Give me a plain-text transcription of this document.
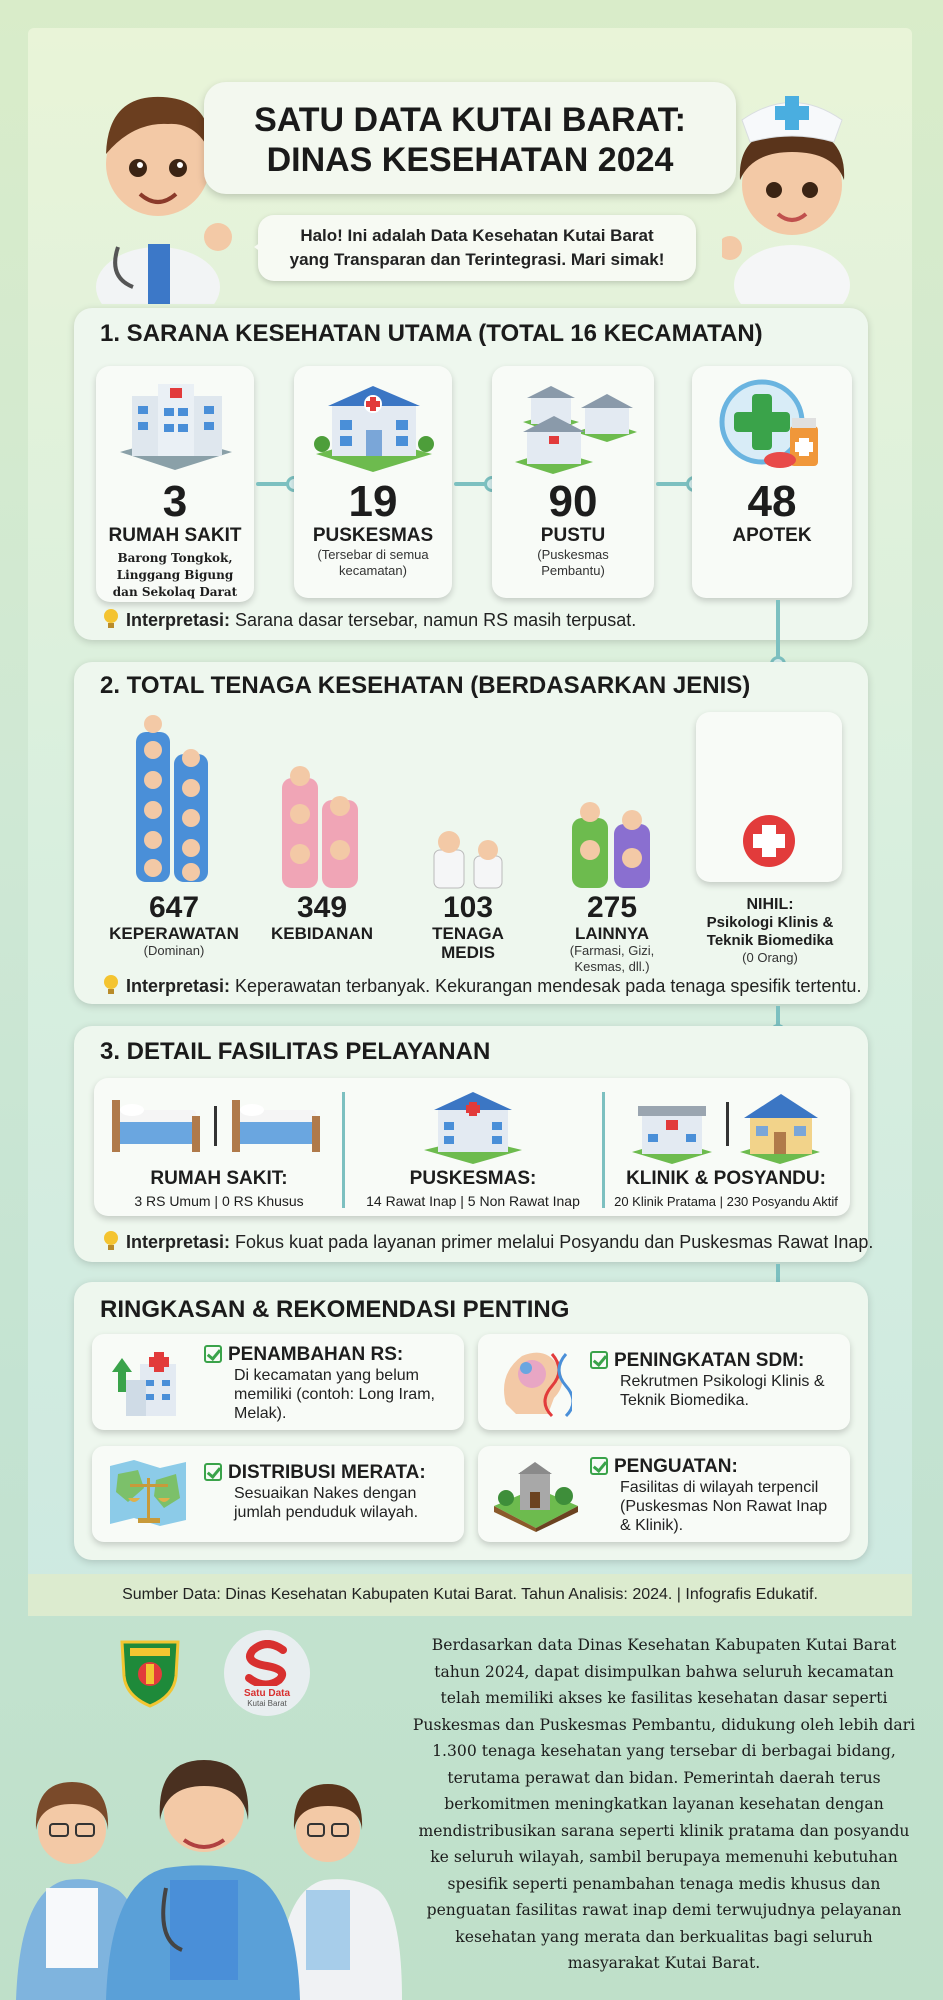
SATU DATA KUTAI BARAT:
DINAS KESEHATAN 2024
Halo! Ini adalah Data Kesehatan Kutai Barat
yang Transparan dan Terintegrasi. Mari simak!
1. SARANA KESEHATAN UTAMA (TOTAL 16 KECAMATAN)
3
RUMAH SAKIT
Barong Tongkok,
Linggang Bigung
dan Sekolaq Darat
19
PUSKESMAS
(Tersebar di semua
kecamatan)
90
PUSTU
(Puskesmas
Pembantu)
48
APOTEK
Interpretasi: Sarana dasar tersebar, namun RS masih terpusat.
2. TOTAL TENAGA KESEHATAN (BERDASARKAN JENIS)
647
KEPERAWATAN
(Dominan)
349
KEBIDANAN
103
TENAGA
MEDIS
275
LAINNYA
(Farmasi, Gizi,
Kesmas, dll.)
NIHIL:
Psikologi Klinis &
Teknik Biomedika
(0 Orang)
Interpretasi: Keperawatan terbanyak. Kekurangan mendesak pada tenaga spesifik tertentu.
3. DETAIL FASILITAS PELAYANAN
RUMAH SAKIT:
3 RS Umum | 0 RS Khusus
PUSKESMAS:
14 Rawat Inap | 5 Non Rawat Inap
KLINIK & POSYANDU:
20 Klinik Pratama | 230 Posyandu Aktif
Interpretasi: Fokus kuat pada layanan primer melalui Posyandu dan Puskesmas Rawat Inap.
RINGKASAN & REKOMENDASI PENTING
PENAMBAHAN RS:
Di kecamatan yang belum
memiliki (contoh: Long Iram,
Melak).
PENINGKATAN SDM:
Rekrutmen Psikologi Klinis &
Teknik Biomedika.
DISTRIBUSI MERATA:
Sesuaikan Nakes dengan
jumlah penduduk wilayah.
PENGUATAN:
Fasilitas di wilayah terpencil
(Puskesmas Non Rawat Inap
& Klinik).
Sumber Data: Dinas Kesehatan Kabupaten Kutai Barat. Tahun Analisis: 2024. | Infografis Edukatif.
Satu Data
Kutai Barat
Berdasarkan data Dinas Kesehatan Kabupaten Kutai Barat tahun 2024, dapat disimpulkan bahwa seluruh kecamatan telah memiliki akses ke fasilitas kesehatan dasar seperti Puskesmas dan Puskesmas Pembantu, didukung oleh lebih dari 1.300 tenaga kesehatan yang tersebar di berbagai bidang, terutama perawat dan bidan. Pemerintah daerah terus berkomitmen meningkatkan layanan kesehatan dengan mendistribusikan sarana seperti klinik pratama dan posyandu ke seluruh wilayah, sambil berupaya memenuhi kebutuhan spesifik seperti penambahan tenaga medis khusus dan penguatan fasilitas rawat inap demi terwujudnya pelayanan kesehatan yang merata dan berkualitas bagi seluruh masyarakat Kutai Barat.
